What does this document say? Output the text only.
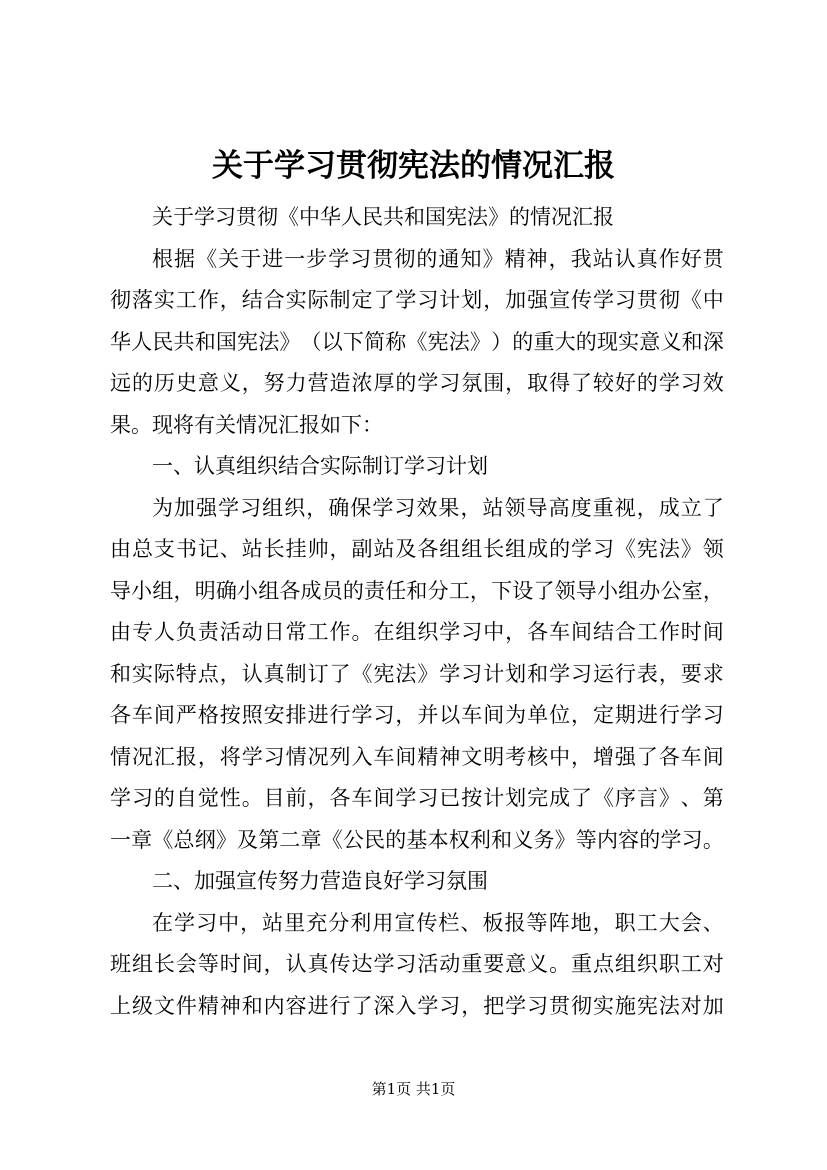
关于学习贯彻宪法的情况汇报
关于学习贯彻《中华人民共和国宪法》的情况汇报
根 据 《 关 于 进 一 步 学 习 贯 彻 的 通 知 》 精 神 ， 我 站 认 真 作 好 贯
彻 落 实 工 作 ， 结 合 实 际 制 定 了 学 习 计 划 ， 加 强 宣 传 学 习 贯 彻 《 中
华 人 民 共 和 国 宪 法 》 （ 以 下 简 称 《 宪 法 》 ） 的 重 大 的 现 实 意 义 和 深
远 的 历 史 意 义 ， 努 力 营 造 浓 厚 的 学 习 氛 围 ， 取 得 了 较 好 的 学 习 效
果。现将有关情况汇报如下：
一、认真组织结合实际制订学习计划
为 加 强 学 习 组 织 ， 确 保 学 习 效 果 ， 站 领 导 高 度 重 视 ， 成 立 了
由 总 支 书 记 、 站 长 挂 帅 ， 副 站 及 各 组 组 长 组 成 的 学 习 《 宪 法 》 领
导 小 组 ， 明 确 小 组 各 成 员 的 责 任 和 分 工 ， 下 设 了 领 导 小 组 办 公 室 ，
由 专 人 负 责 活 动 日 常 工 作 。 在 组 织 学 习 中 ， 各 车 间 结 合 工 作 时 间
和 实 际 特 点 ， 认 真 制 订 了 《 宪 法 》 学 习 计 划 和 学 习 运 行 表 ， 要 求
各 车 间 严 格 按 照 安 排 进 行 学 习 ， 并 以 车 间 为 单 位 ， 定 期 进 行 学 习
情 况 汇 报 ， 将 学 习 情 况 列 入 车 间 精 神 文 明 考 核 中 ， 增 强 了 各 车 间
学 习 的 自 觉 性 。 目 前 ， 各 车 间 学 习 已 按 计 划 完 成 了 《 序 言 》 、 第
一 章 《 总 纲 》 及 第 二 章 《 公 民 的 基 本 权 利 和 义 务 》 等 内 容 的 学 习 。
二、加强宣传努力营造良好学习氛围
在 学 习 中 ， 站 里 充 分 利 用 宣 传 栏 、 板 报 等 阵 地 ， 职 工 大 会 、
班 组 长 会 等 时 间 ， 认 真 传 达 学 习 活 动 重 要 意 义 。 重 点 组 织 职 工 对
上 级 文 件 精 神 和 内 容 进 行 了 深 入 学 习 ， 把 学 习 贯 彻 实 施 宪 法 对 加
第1页 共1页
